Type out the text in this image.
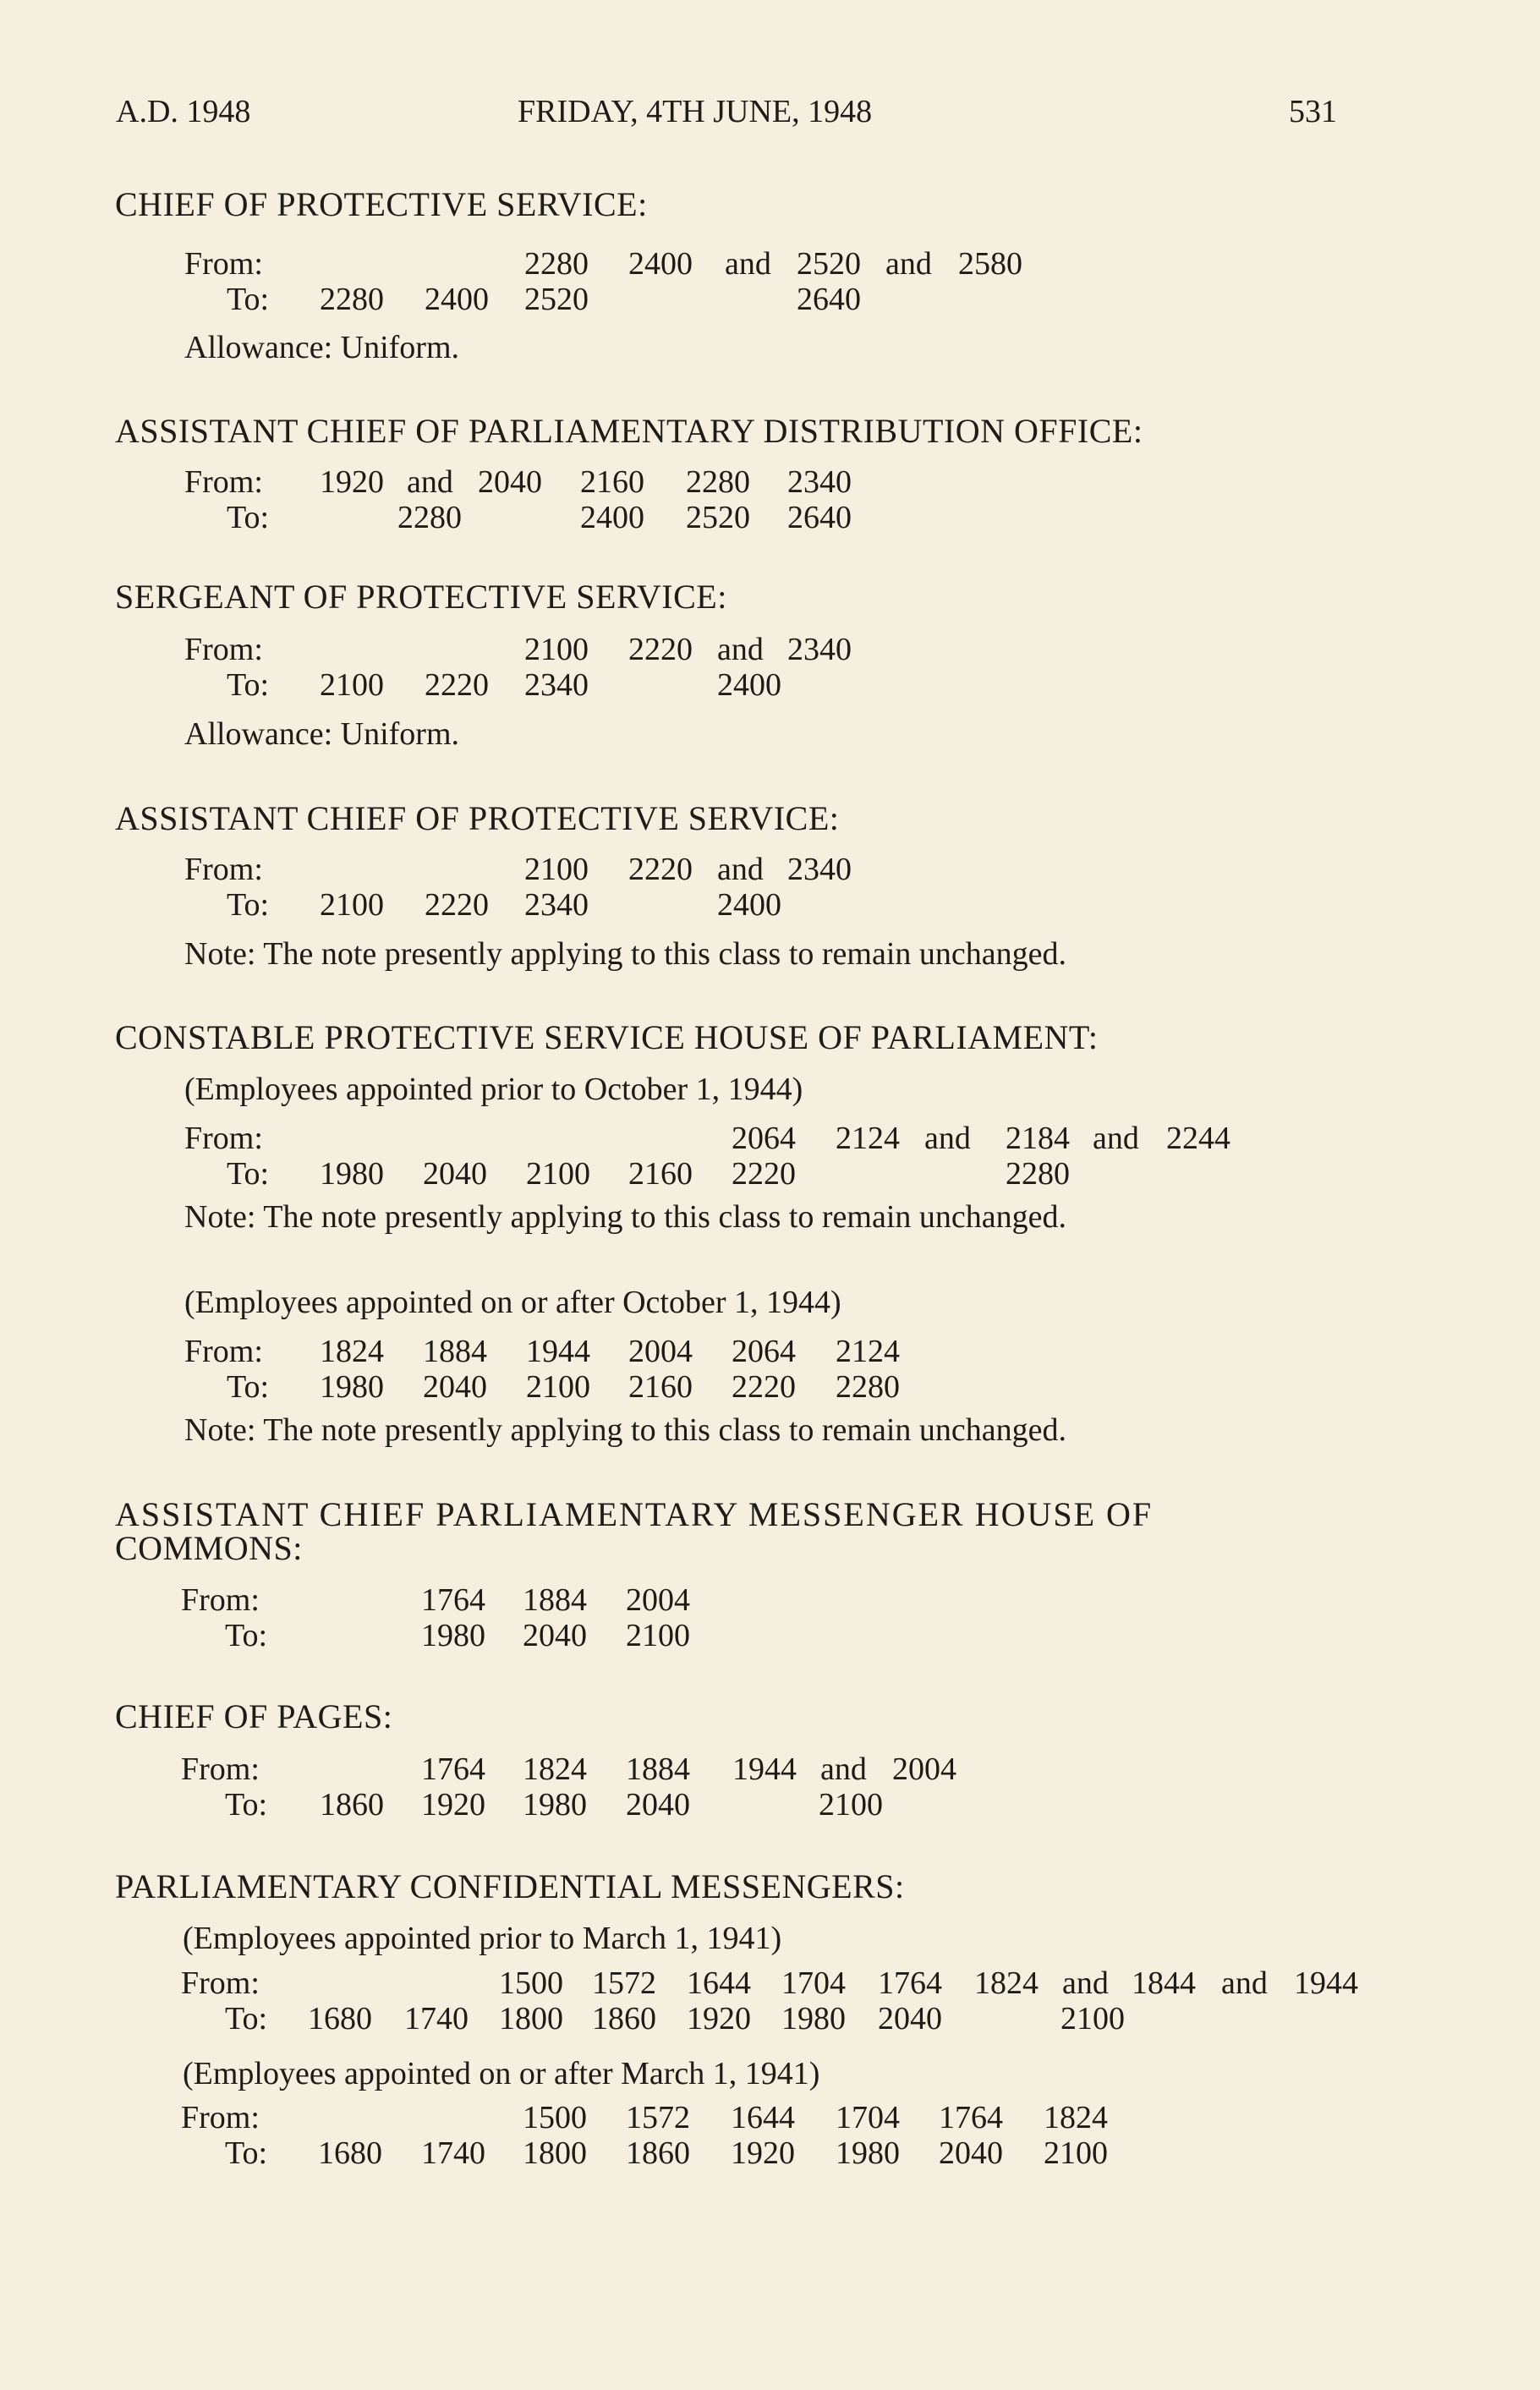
A.D. 1948	FRIDAY, 4TH JUNE, 1948	531
CHIEF OF PROTECTIVE SERVICE:
From:	2280 2400 and 2520 and 2580
To: 2280 2400 2520	2640
Allowance: Uniform.
ASSISTANT CHIEF OF PARLIAMENTARY DISTRIBUTION OFFICE:
From: 1920 and 2040 2160 2280 2340
To:	2280	2400 2520 2640
SERGEANT OF PROTECTIVE SERVICE:
From:	2100 2220 and 2340
To: 2100 2220 2340	2400
Allowance: Uniform.
ASSISTANT CHIEF OF PROTECTIVE SERVICE:
From:	2100 2220 and 2340
To: 2100 2220 2340	2400
Note: The note presently applying to this class to remain unchanged.
CONSTABLE PROTECTIVE SERVICE HOUSE OF PARLIAMENT:
(Employees appointed prior to October 1, 1944)
From:	2064 2124 and 2184 and 2244
To: 1980 2040 2100 2160 2220	2280
Note: The note presently applying to this class to remain unchanged.
(Employees appointed on or after October 1, 1944)
From: 1824 1884 1944 2004 2064 2124
To: 1980 2040 2100 2160 2220 2280
Note: The note presently applying to this class to remain unchanged.
ASSISTANT CHIEF PARLIAMENTARY MESSENGER HOUSE OF
COMMONS:
From:	1764 1884 2004
To:	1980 2040 2100
CHIEF OF PAGES:
From:	1764 1824 1884 1944 and 2004
To: 1860 1920 1980 2040	2100
PARLIAMENTARY CONFIDENTIAL MESSENGERS:
(Employees appointed prior to March 1, 1941)
From:	1500 1572 1644 1704 1764 1824 and 1844 and 1944
To: 1680 1740 1800 1860 1920 1980 2040	2100
(Employees appointed on or after March 1, 1941)
From:	1500 1572 1644 1704 1764 1824
To: 1680 1740 1800 1860 1920 1980 2040 2100
